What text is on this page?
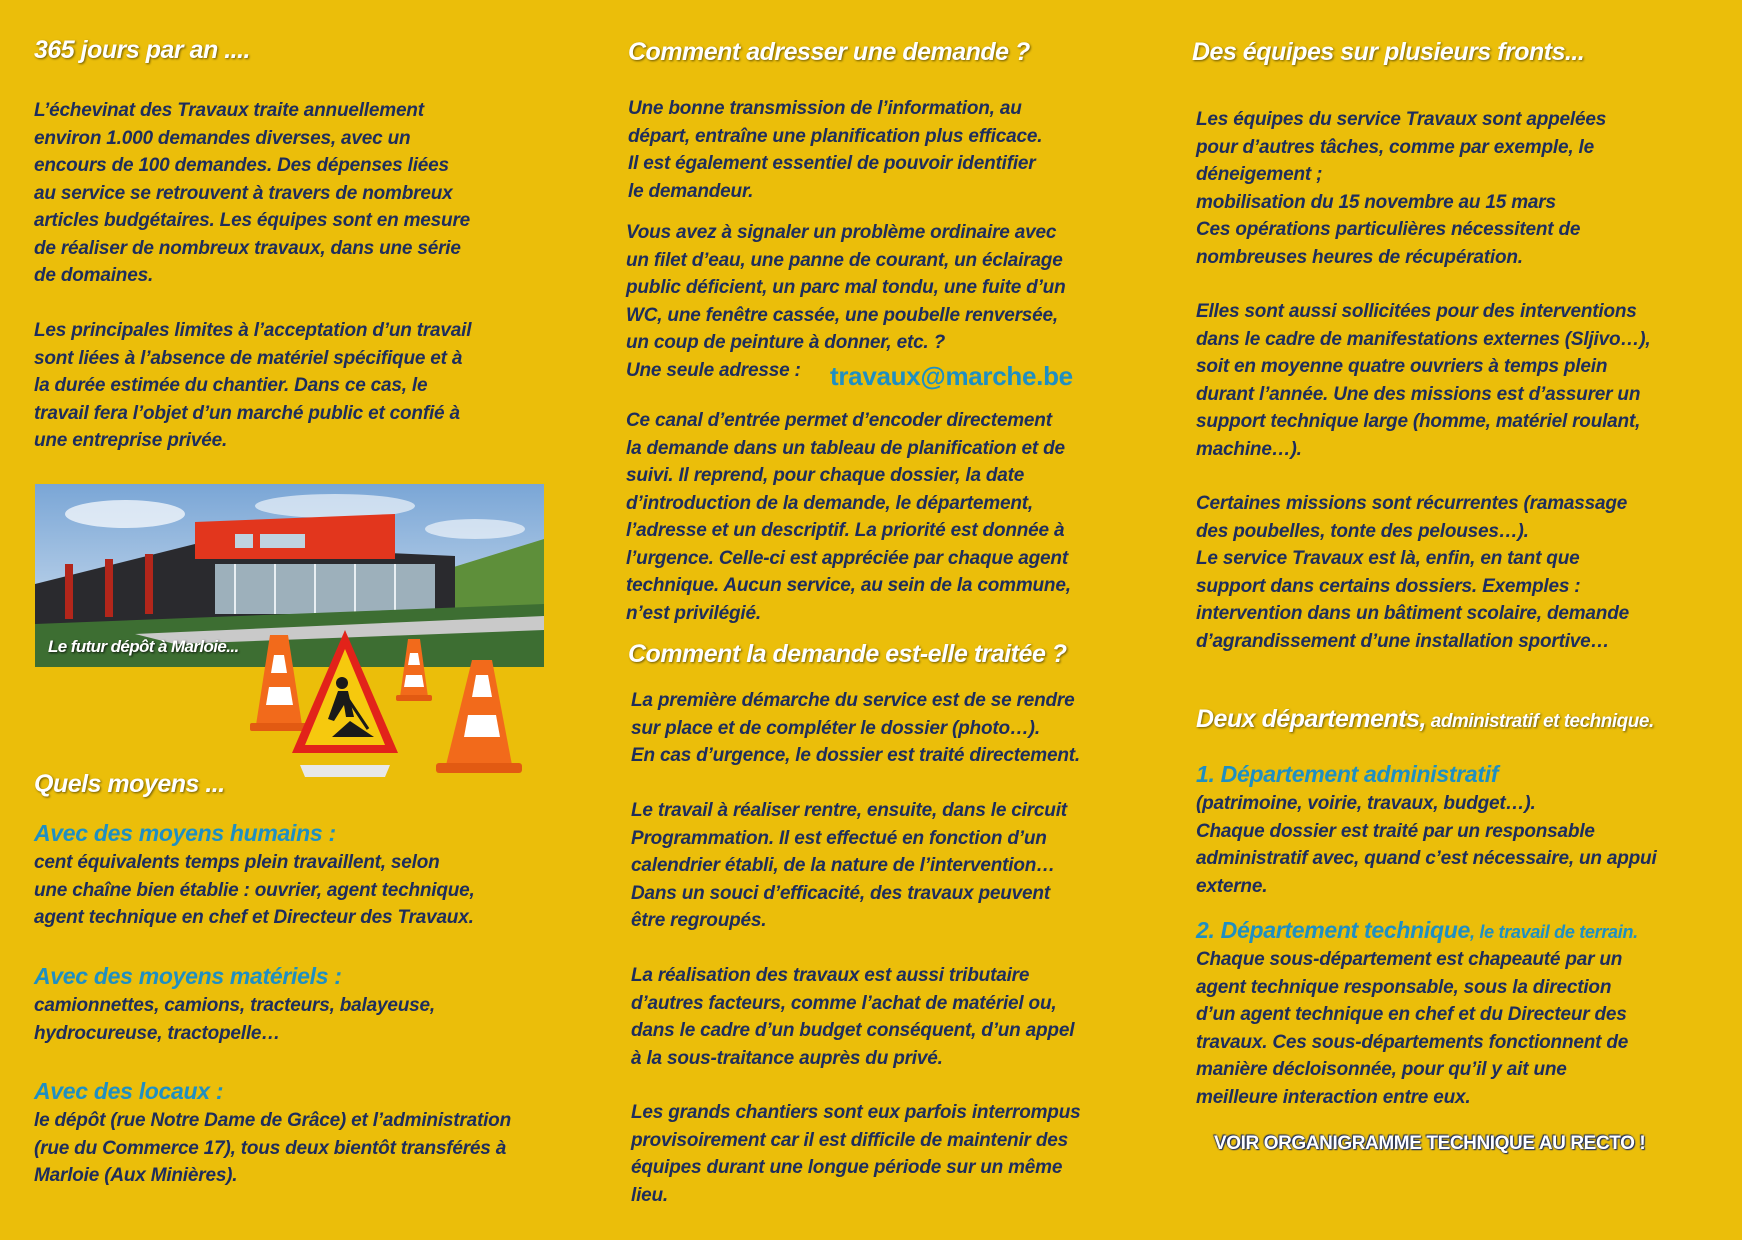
365 jours par an ....

L’échevinat des Travaux traite annuellement
environ 1.000 demandes diverses, avec un
encours de 100 demandes. Des dépenses liées
au service se retrouvent à travers de nombreux
articles budgétaires. Les équipes sont en mesure
de réaliser de nombreux travaux, dans une série
de domaines.

Les principales limites à l’acceptation d’un travail
sont liées à l’absence de matériel spécifique et à
la durée estimée du chantier. Dans ce cas, le
travail fera l’objet d’un marché public et confié à
une entreprise privée.

Le futur dépôt à Marloie...
Quels moyens ...
Avec des moyens humains :

cent équivalents temps plein travaillent, selon
une chaîne bien établie : ouvrier, agent technique,
agent technique en chef et Directeur des Travaux.

Avec des moyens matériels :

camionnettes, camions, tracteurs, balayeuse,
hydrocureuse, tractopelle…

Avec des locaux :

le dépôt (rue Notre Dame de Grâce) et l’administration
(rue du Commerce 17), tous deux bientôt transférés à
Marloie (Aux Minières).

Comment adresser une demande ?

Une bonne transmission de l’information, au
départ, entraîne une planification plus efficace.
Il est également essentiel de pouvoir identifier
le demandeur.

Vous avez à signaler un problème ordinaire avec
un filet d’eau, une panne de courant, un éclairage
public déficient, un parc mal tondu, une fuite d’un
WC, une fenêtre cassée, une poubelle renversée,
un coup de peinture à donner, etc. ?
Une seule adresse :	travaux@marche.be

Ce canal d’entrée permet d’encoder directement
la demande dans un tableau de planification et de
suivi. Il reprend, pour chaque dossier, la date
d’introduction de la demande, le département,
l’adresse et un descriptif. La priorité est donnée à
l’urgence. Celle-ci est appréciée par chaque agent
technique. Aucun service, au sein de la commune,
n’est privilégié.

Comment la demande est-elle traitée ?

La première démarche du service est de se rendre
sur place et de compléter le dossier (photo…).
En cas d’urgence, le dossier est traité directement.

Le travail à réaliser rentre, ensuite, dans le circuit
Programmation. Il est effectué en fonction d’un
calendrier établi, de la nature de l’intervention…
Dans un souci d’efficacité, des travaux peuvent
être regroupés.

La réalisation des travaux est aussi tributaire
d’autres facteurs, comme l’achat de matériel ou,
dans le cadre d’un budget conséquent, d’un appel
à la sous-traitance auprès du privé.

Les grands chantiers sont eux parfois interrompus
provisoirement car il est difficile de maintenir des
équipes durant une longue période sur un même
lieu.

Des équipes sur plusieurs fronts...

Les équipes du service Travaux sont appelées
pour d’autres tâches, comme par exemple, le
déneigement ;
mobilisation du 15 novembre au 15 mars
Ces opérations particulières nécessitent de
nombreuses heures de récupération.

Elles sont aussi sollicitées pour des interventions
dans le cadre de manifestations externes (Sljivo…),
soit en moyenne quatre ouvriers à temps plein
durant l’année. Une des missions est d’assurer un
support technique large (homme, matériel roulant,
machine…).

Certaines missions sont récurrentes (ramassage
des poubelles, tonte des pelouses…).
Le service Travaux est là, enfin, en tant que
support dans certains dossiers. Exemples :
intervention dans un bâtiment scolaire, demande
d’agrandissement d’une installation sportive…

Deux départements, administratif et technique.
1. Département administratif

(patrimoine, voirie, travaux, budget…).
Chaque dossier est traité par un responsable
administratif avec, quand c’est nécessaire, un appui
externe.

2. Département technique, le travail de terrain.

Chaque sous-département est chapeauté par un
agent technique responsable, sous la direction
d’un agent technique en chef et du Directeur des
travaux. Ces sous-départements fonctionnent de
manière décloisonnée, pour qu’il y ait une
meilleure interaction entre eux.

VOIR ORGANIGRAMME TECHNIQUE AU RECTO !
